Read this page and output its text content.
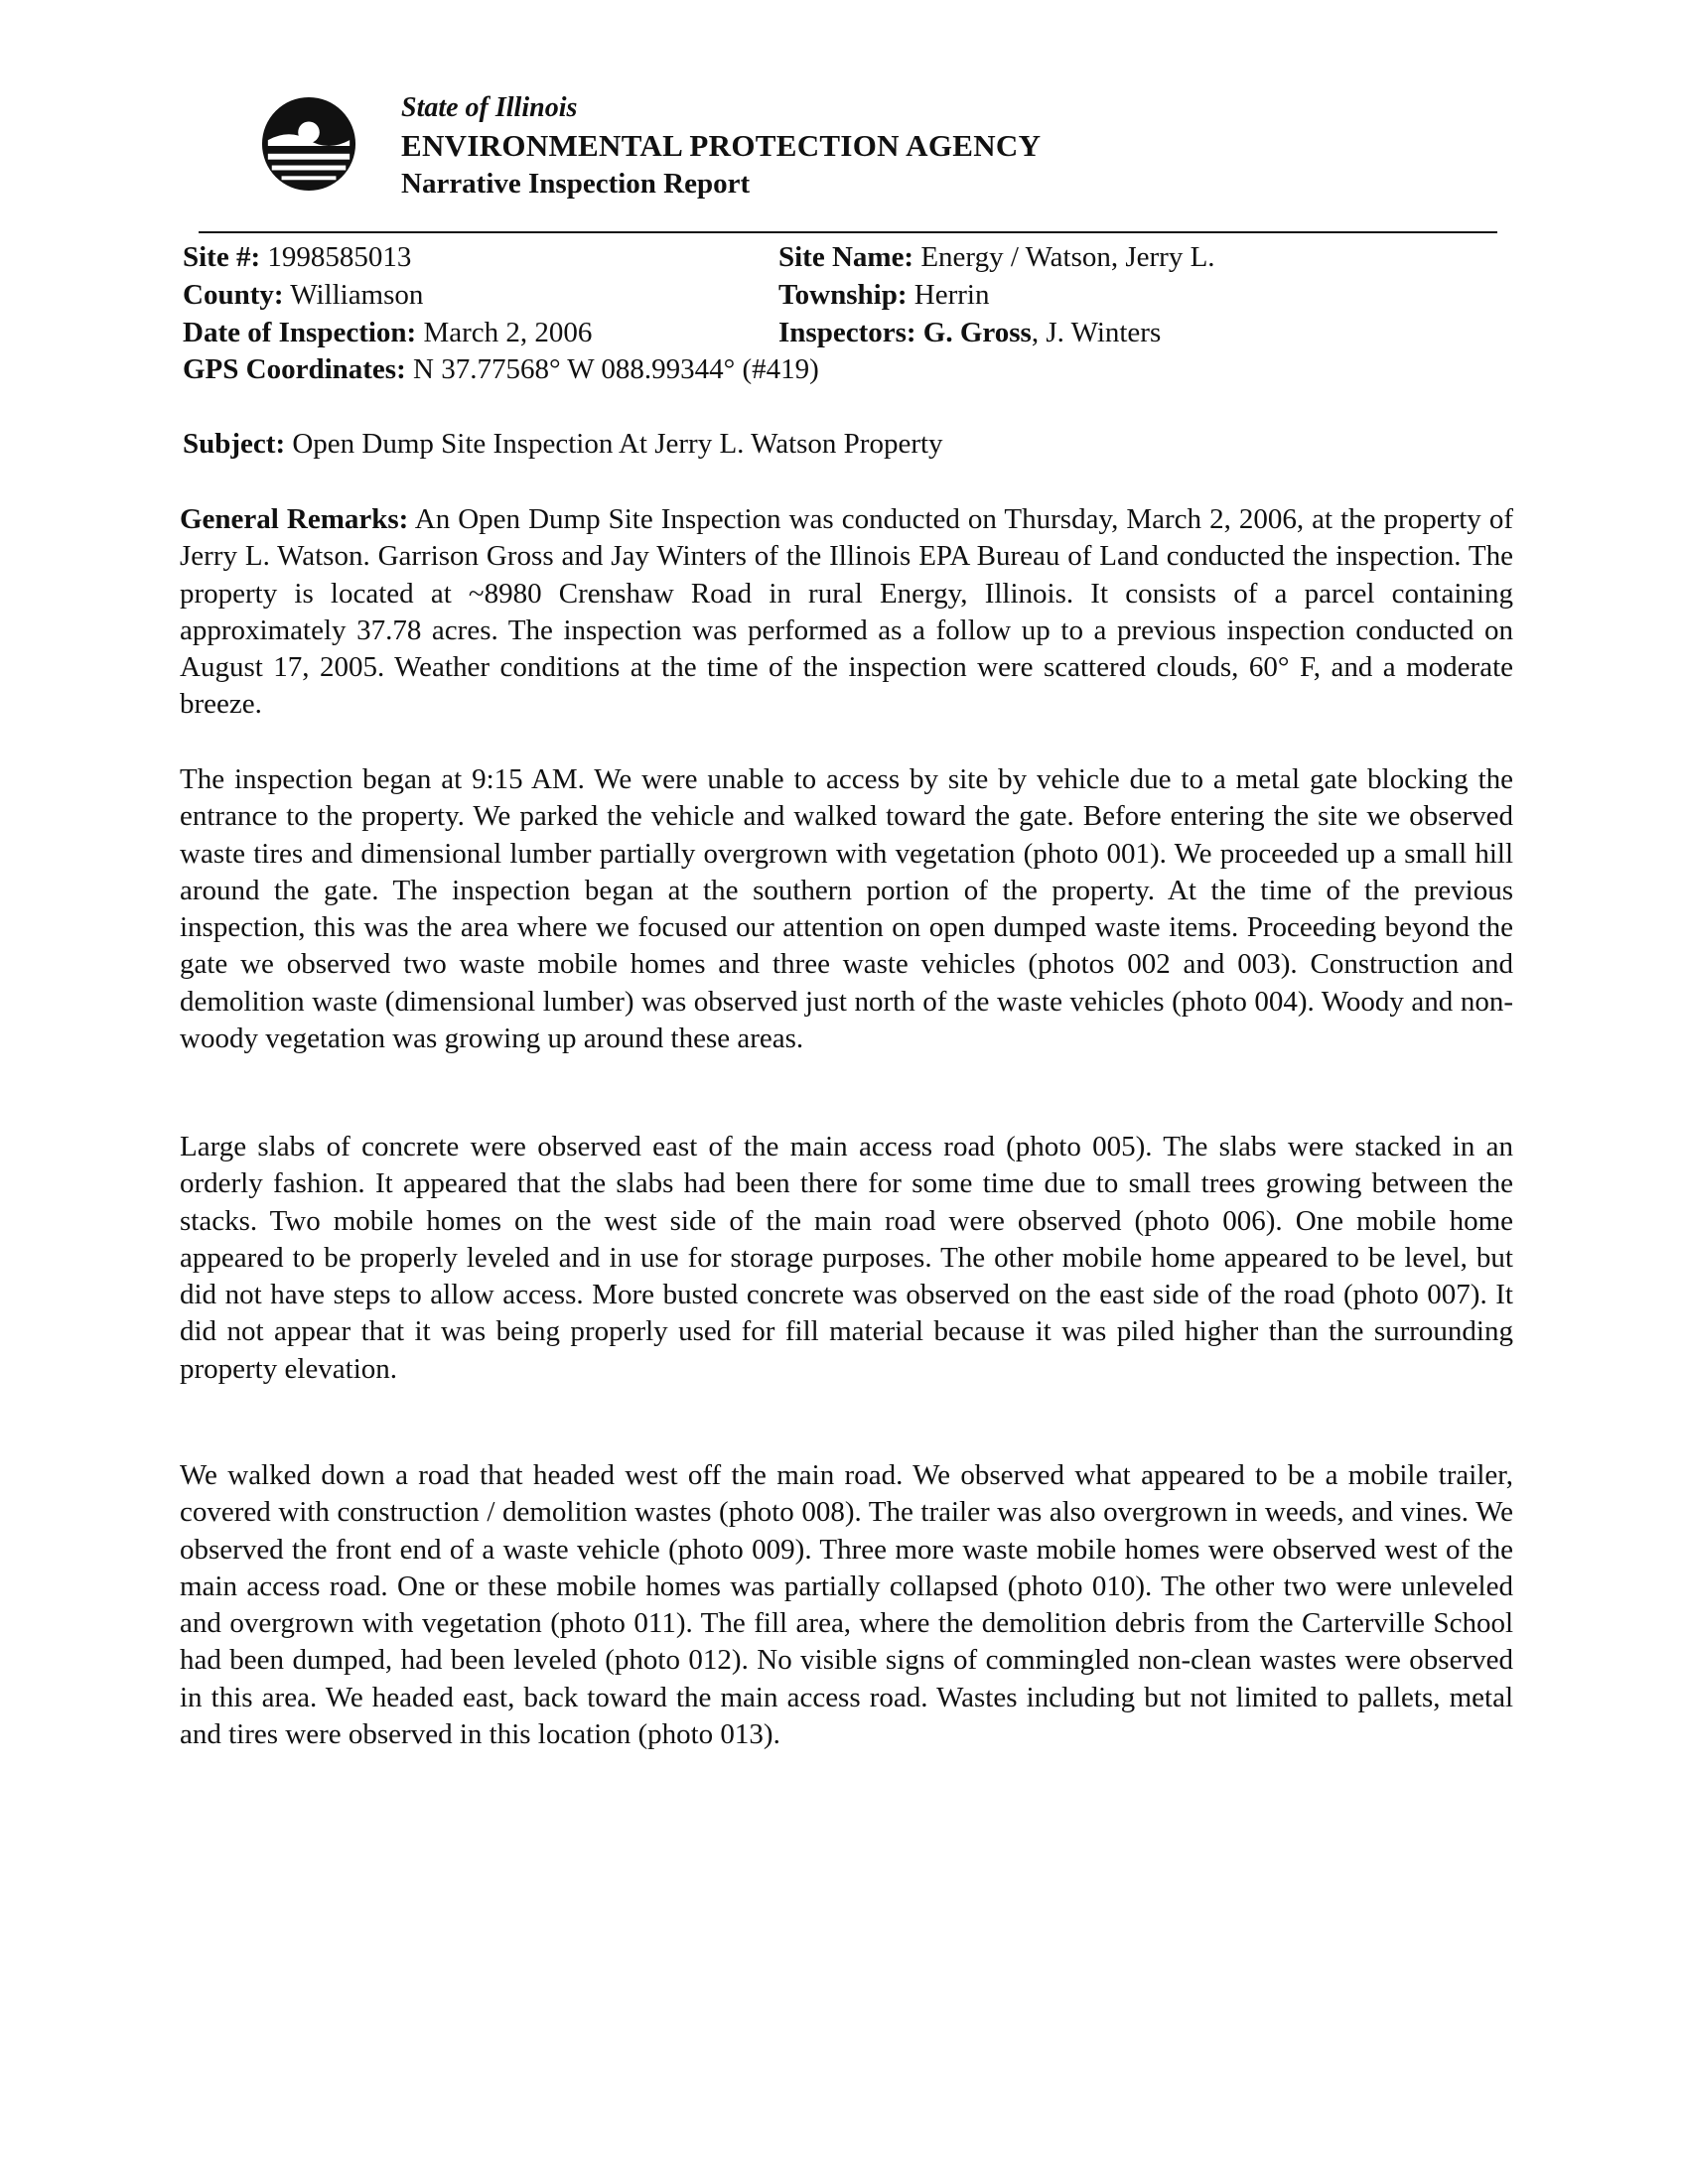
State of Illinois
ENVIRONMENTAL PROTECTION AGENCY
Narrative Inspection Report
Site #: 1998585013	Site Name: Energy / Watson, Jerry L.
County: Williamson	Township: Herrin
Date of Inspection: March 2, 2006	Inspectors: G. Gross, J. Winters
GPS Coordinates: N 37.77568° W 088.99344° (#419)
Subject: Open Dump Site Inspection At Jerry L. Watson Property
General Remarks: An Open Dump Site Inspection was conducted on Thursday, March 2, 2006, at the property of Jerry L. Watson. Garrison Gross and Jay Winters of the Illinois EPA Bureau of Land conducted the inspection. The property is located at ~8980 Crenshaw Road in rural Energy, Illinois. It consists of a parcel containing approximately 37.78 acres. The inspection was performed as a follow up to a previous inspection conducted on August 17, 2005. Weather conditions at the time of the inspection were scattered clouds, 60° F, and a moderate breeze.
The inspection began at 9:15 AM. We were unable to access by site by vehicle due to a metal gate blocking the entrance to the property. We parked the vehicle and walked toward the gate. Before entering the site we observed waste tires and dimensional lumber partially overgrown with vegetation (photo 001). We proceeded up a small hill around the gate. The inspection began at the southern portion of the property. At the time of the previous inspection, this was the area where we focused our attention on open dumped waste items. Proceeding beyond the gate we observed two waste mobile homes and three waste vehicles (photos 002 and 003). Construction and demolition waste (dimensional lumber) was observed just north of the waste vehicles (photo 004). Woody and non-woody vegetation was growing up around these areas.
Large slabs of concrete were observed east of the main access road (photo 005). The slabs were stacked in an orderly fashion. It appeared that the slabs had been there for some time due to small trees growing between the stacks. Two mobile homes on the west side of the main road were observed (photo 006). One mobile home appeared to be properly leveled and in use for storage purposes. The other mobile home appeared to be level, but did not have steps to allow access. More busted concrete was observed on the east side of the road (photo 007). It did not appear that it was being properly used for fill material because it was piled higher than the surrounding property elevation.
We walked down a road that headed west off the main road. We observed what appeared to be a mobile trailer, covered with construction / demolition wastes (photo 008). The trailer was also overgrown in weeds, and vines. We observed the front end of a waste vehicle (photo 009). Three more waste mobile homes were observed west of the main access road. One or these mobile homes was partially collapsed (photo 010). The other two were unleveled and overgrown with vegetation (photo 011). The fill area, where the demolition debris from the Carterville School had been dumped, had been leveled (photo 012). No visible signs of commingled non-clean wastes were observed in this area. We headed east, back toward the main access road. Wastes including but not limited to pallets, metal and tires were observed in this location (photo 013).
